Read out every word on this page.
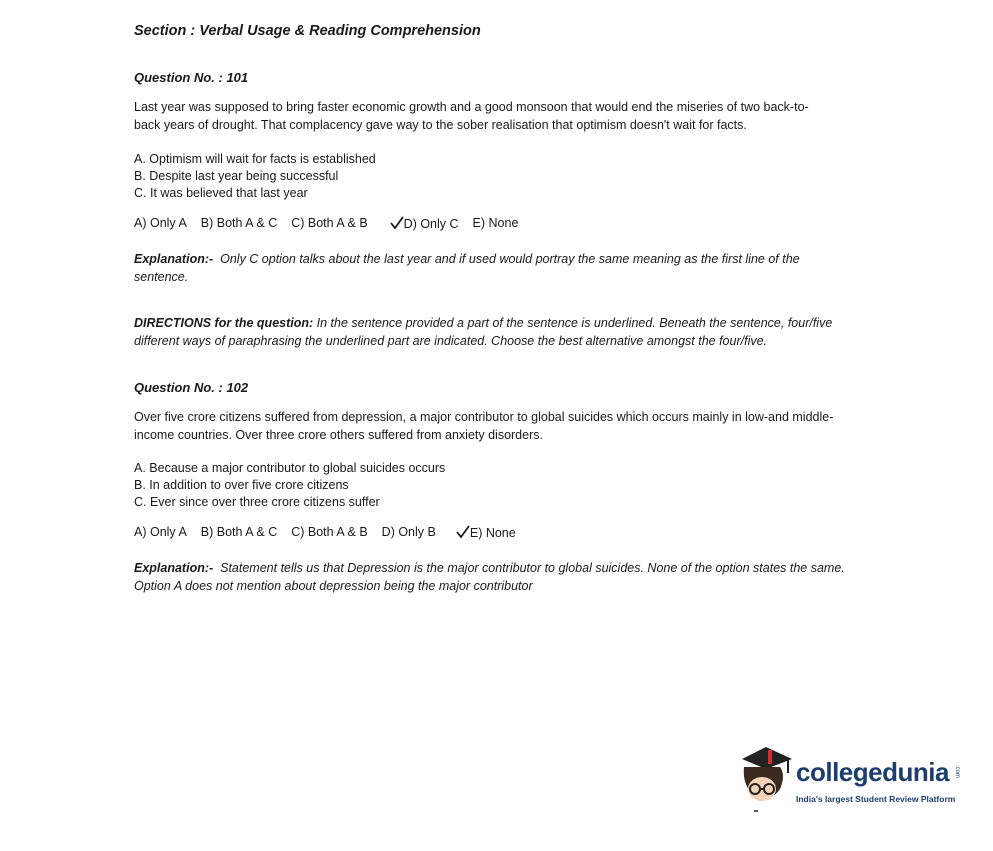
Section : Verbal Usage & Reading Comprehension
Question No. : 101
Last year was supposed to bring faster economic growth and a good monsoon that would end the miseries of two back-to-
back years of drought. That complacency gave way to the sober realisation that optimism doesn't wait for facts.
A. Optimism will wait for facts is established
B. Despite last year being successful
C. It was believed that last year
A) Only A B) Both A & C C) Both A & B	D) Only C E) None
Explanation:- Only C option talks about the last year and if used would portray the same meaning as the first line of the
sentence.
DIRECTIONS for the question: In the sentence provided a part of the sentence is underlined. Beneath the sentence, four/five
different ways of paraphrasing the underlined part are indicated. Choose the best alternative amongst the four/five.
Question No. : 102
Over five crore citizens suffered from depression, a major contributor to global suicides which occurs mainly in low-and middle-
income countries. Over three crore others suffered from anxiety disorders.
A. Because a major contributor to global suicides occurs
B. In addition to over five crore citizens
C. Ever since over three crore citizens suffer
A) Only A B) Both A & C C) Both A & B D) Only B	E) None
Explanation:- Statement tells us that Depression is the major contributor to global suicides. None of the option states the same.
Option A does not mention about depression being the major contributor
collegedunia .com
India's largest Student Review Platform
